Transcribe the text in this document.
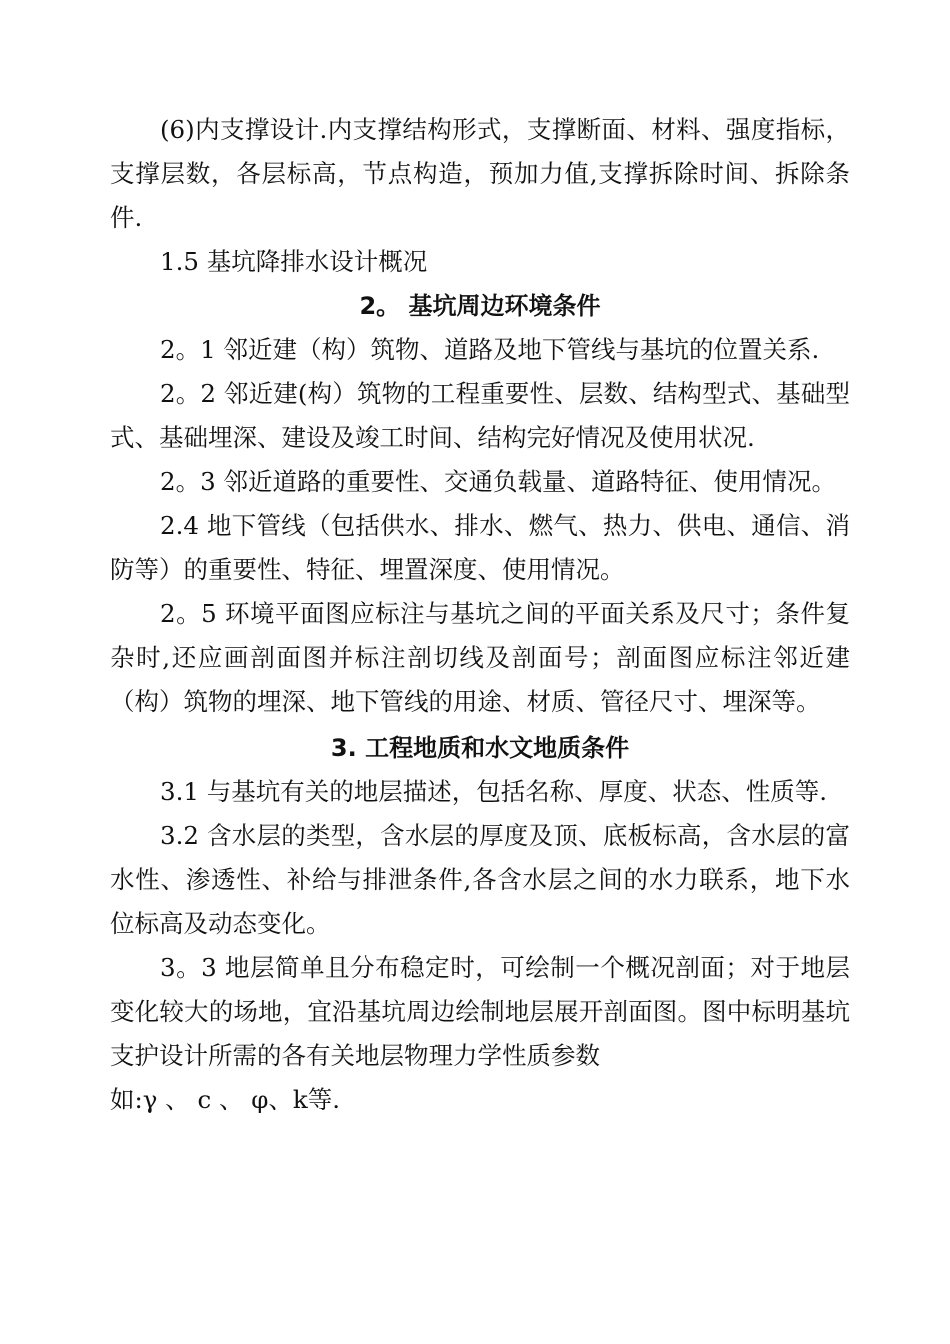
(6)内支撑设计.内支撑结构形式，支撑断面、材料、强度指标，支撑层数，各层标高，节点构造，预加力值,支撑拆除时间、拆除条件.

1.5 基坑降排水设计概况

2。 基坑周边环境条件

2。1 邻近建（构）筑物、道路及地下管线与基坑的位置关系.

2。2 邻近建(构）筑物的工程重要性、层数、结构型式、基础型式、基础埋深、建设及竣工时间、结构完好情况及使用状况.

2。3 邻近道路的重要性、交通负载量、道路特征、使用情况。

2.4 地下管线（包括供水、排水、燃气、热力、供电、通信、消防等）的重要性、特征、埋置深度、使用情况。

2。5 环境平面图应标注与基坑之间的平面关系及尺寸；条件复杂时,还应画剖面图并标注剖切线及剖面号；剖面图应标注邻近建（构）筑物的埋深、地下管线的用途、材质、管径尺寸、埋深等。

3. 工程地质和水文地质条件

3.1 与基坑有关的地层描述，包括名称、厚度、状态、性质等.

3.2 含水层的类型，含水层的厚度及顶、底板标高，含水层的富水性、渗透性、补给与排泄条件,各含水层之间的水力联系，地下水位标高及动态变化。

3。3 地层简单且分布稳定时，可绘制一个概况剖面；对于地层变化较大的场地，宜沿基坑周边绘制地层展开剖面图。图中标明基坑支护设计所需的各有关地层物理力学性质参数
如:γ 、 c 、 φ、k等.
